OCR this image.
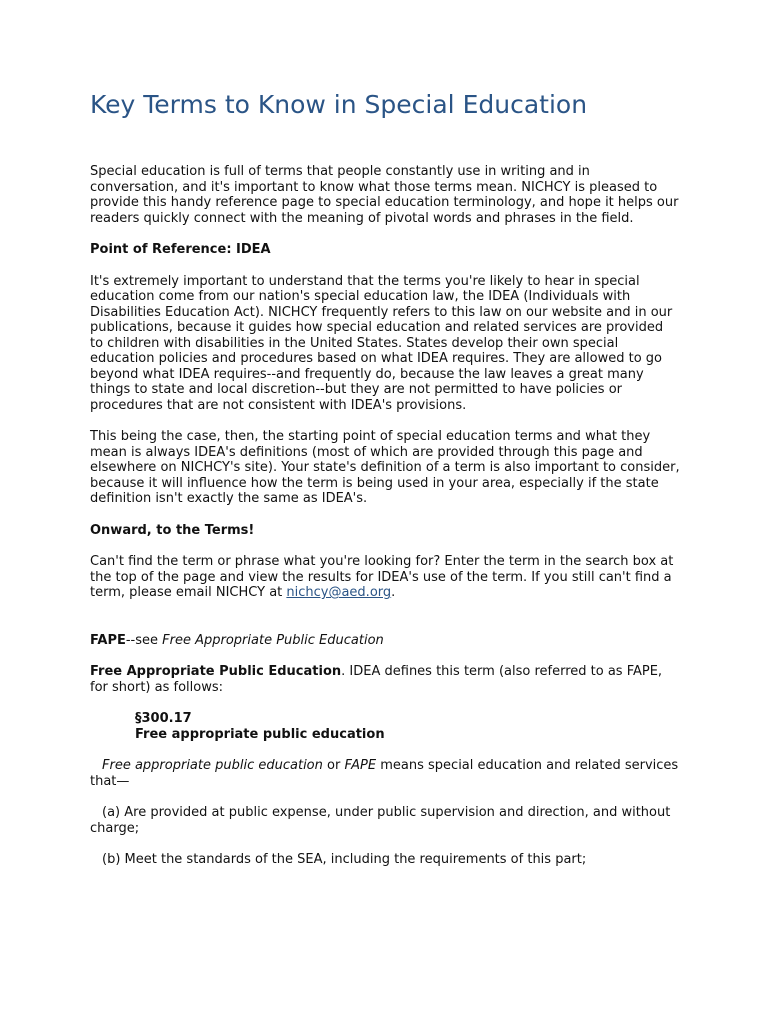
Key Terms to Know in Special Education

Special education is full of terms that people constantly use in writing and in conversation, and it's important to know what those terms mean. NICHCY is pleased to provide this handy reference page to special education terminology, and hope it helps our readers quickly connect with the meaning of pivotal words and phrases in the field.

Point of Reference: IDEA

It's extremely important to understand that the terms you're likely to hear in special education come from our nation's special education law, the IDEA (Individuals with Disabilities Education Act). NICHCY frequently refers to this law on our website and in our publications, because it guides how special education and related services are provided to children with disabilities in the United States. States develop their own special education policies and procedures based on what IDEA requires. They are allowed to go beyond what IDEA requires--and frequently do, because the law leaves a great many things to state and local discretion--but they are not permitted to have policies or procedures that are not consistent with IDEA's provisions.

This being the case, then, the starting point of special education terms and what they mean is always IDEA's definitions (most of which are provided through this page and elsewhere on NICHCY's site). Your state's definition of a term is also important to consider, because it will influence how the term is being used in your area, especially if the state definition isn't exactly the same as IDEA's.

Onward, to the Terms!

Can't find the term or phrase what you're looking for? Enter the term in the search box at the top of the page and view the results for IDEA's use of the term. If you still can't find a term, please email NICHCY at nichcy@aed.org.

FAPE--see Free Appropriate Public Education

Free Appropriate Public Education. IDEA defines this term (also referred to as FAPE, for short) as follows:

§300.17
Free appropriate public education

Free appropriate public education or FAPE means special education and related services that—

(a) Are provided at public expense, under public supervision and direction, and without charge;

(b) Meet the standards of the SEA, including the requirements of this part;
